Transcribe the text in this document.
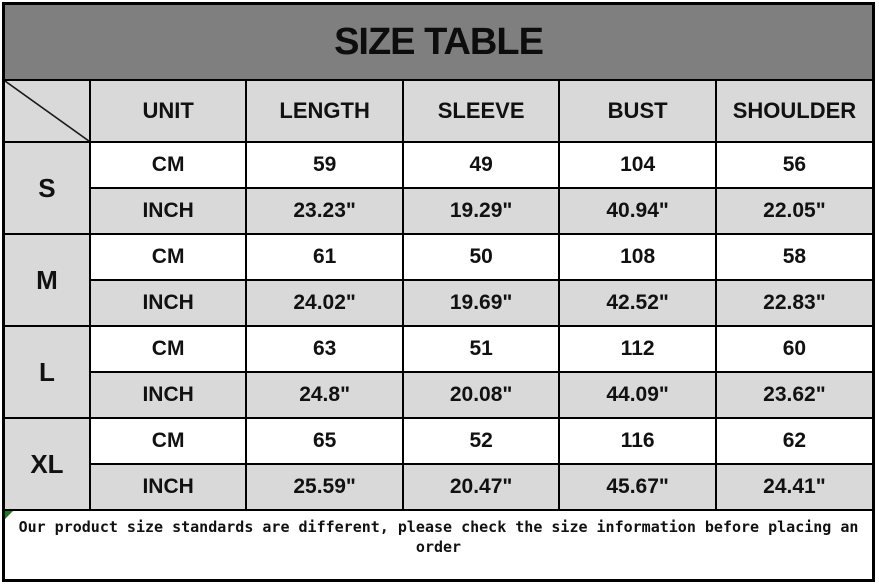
SIZE TABLE					

	UNIT	LENGTH	SLEEVE	BUST	SHOULDER
S	CM	59	49	104	56
	INCH	23.23"	19.29"	40.94"	22.05"
M	CM	61	50	108	58
	INCH	24.02"	19.69"	42.52"	22.83"
L	CM	63	51	112	60
	INCH	24.8"	20.08"	44.09"	23.62"
XL	CM	65	52	116	62
	INCH	25.59"	20.47"	45.67"	24.41"

Our product size standards are different, please check the size information before placing an order					
